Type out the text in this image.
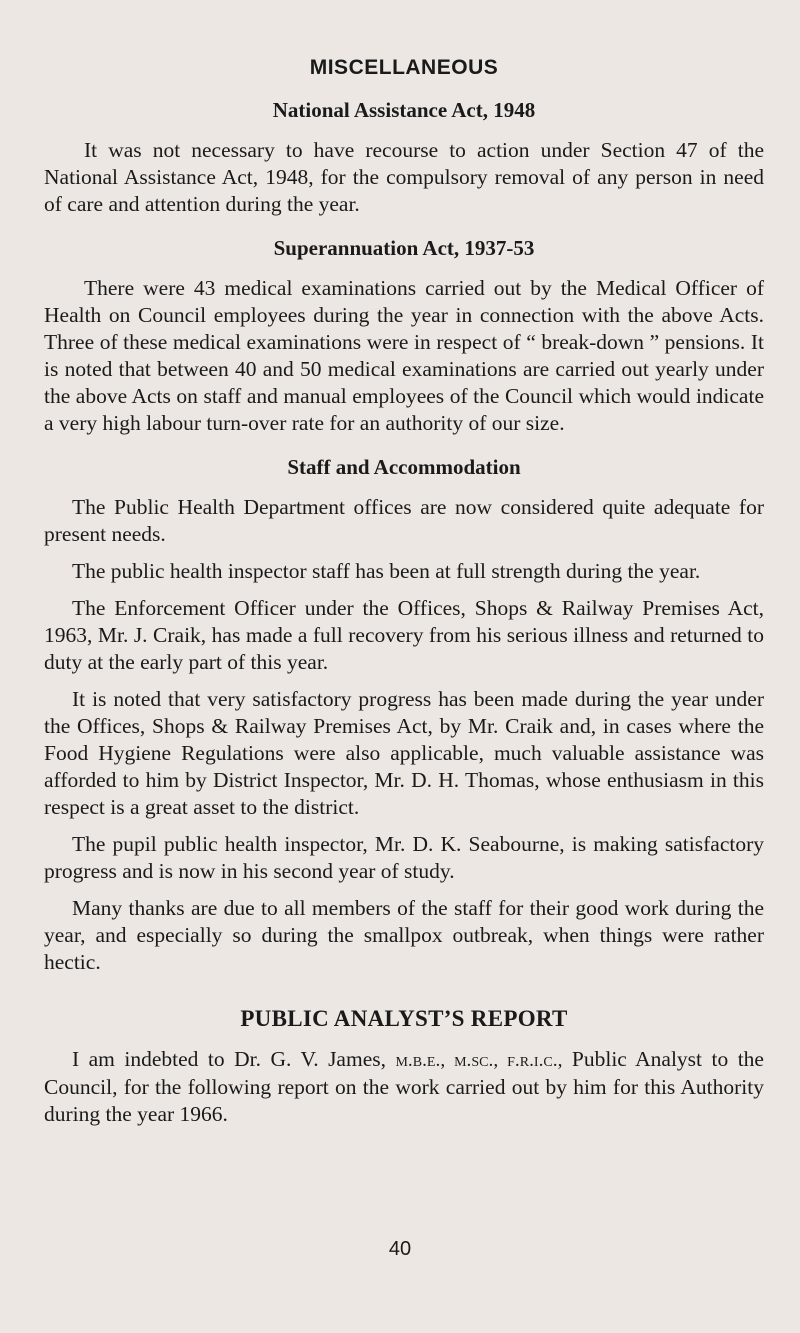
MISCELLANEOUS
National Assistance Act, 1948

It was not necessary to have recourse to action under Section 47 of the National Assistance Act, 1948, for the compulsory removal of any person in need of care and attention during the year.

Superannuation Act, 1937-53

There were 43 medical examinations carried out by the Medical Officer of Health on Council employees during the year in connection with the above Acts. Three of these medical examinations were in respect of “ break-down ” pensions. It is noted that between 40 and 50 medical examinations are carried out yearly under the above Acts on staff and manual employees of the Council which would indicate a very high labour turn-over rate for an authority of our size.

Staff and Accommodation

The Public Health Department offices are now considered quite adequate for present needs.

The public health inspector staff has been at full strength during the year.

The Enforcement Officer under the Offices, Shops & Railway Premises Act, 1963, Mr. J. Craik, has made a full recovery from his serious illness and returned to duty at the early part of this year.

It is noted that very satisfactory progress has been made during the year under the Offices, Shops & Railway Premises Act, by Mr. Craik and, in cases where the Food Hygiene Regulations were also applicable, much valuable assistance was afforded to him by District Inspector, Mr. D. H. Thomas, whose enthusiasm in this respect is a great asset to the district.

The pupil public health inspector, Mr. D. K. Seabourne, is making satisfactory progress and is now in his second year of study.

Many thanks are due to all members of the staff for their good work during the year, and especially so during the smallpox outbreak, when things were rather hectic.

PUBLIC ANALYST’S REPORT

I am indebted to Dr. G. V. James, m.b.e., m.sc., f.r.i.c., Public Analyst to the Council, for the following report on the work carried out by him for this Authority during the year 1966.

40
